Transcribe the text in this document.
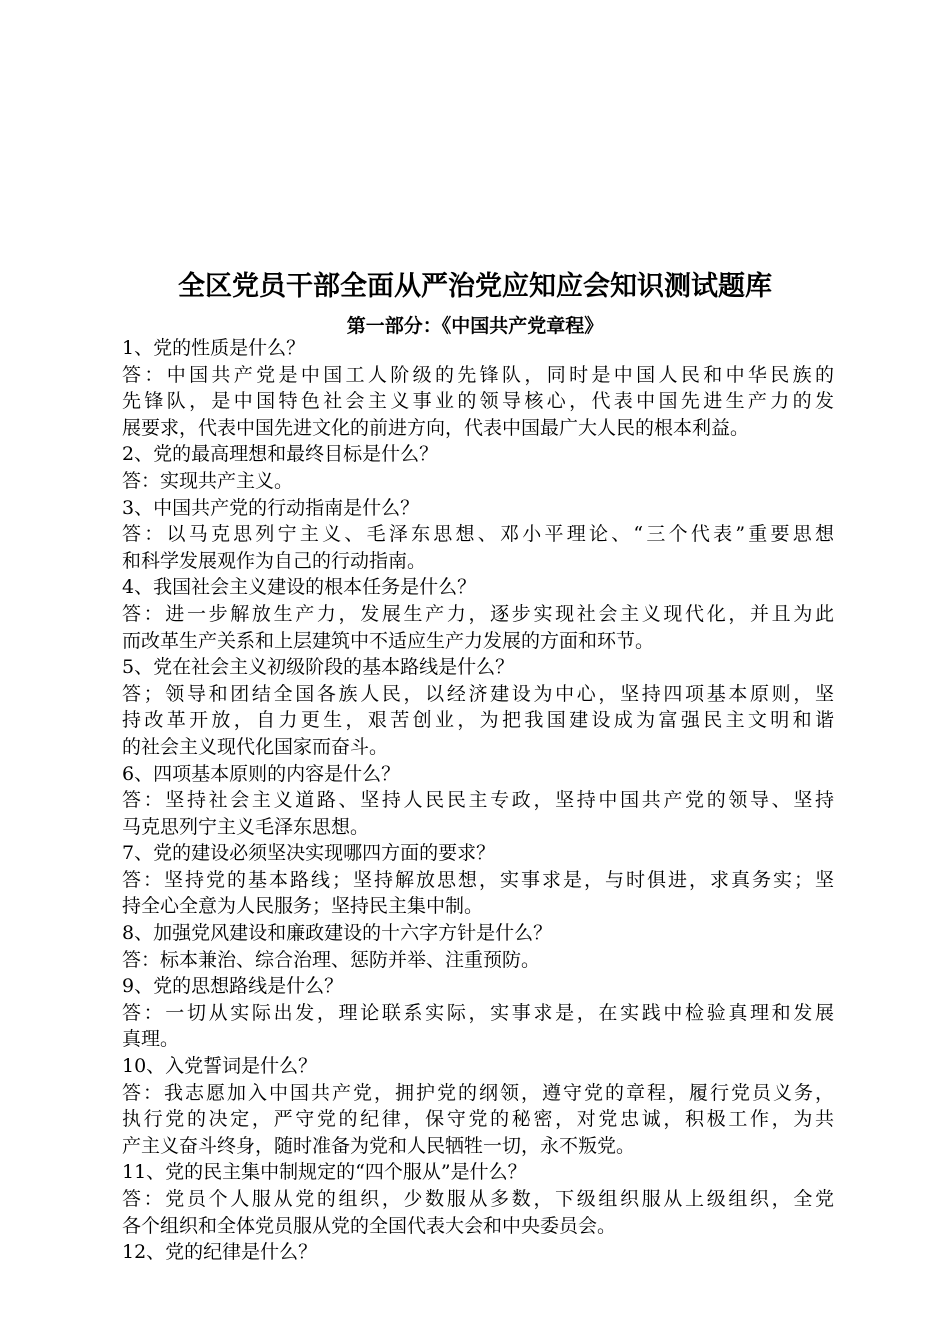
全区党员干部全面从严治党应知应会知识测试题库
第一部分：《中国共产党章程》

1、党的性质是什么？

答：中国共产党是中国工人阶级的先锋队，同时是中国人民和中华民族的

先锋队，是中国特色社会主义事业的领导核心，代表中国先进生产力的发

展要求，代表中国先进文化的前进方向，代表中国最广大人民的根本利益。

2、党的最高理想和最终目标是什么？

答：实现共产主义。

3、中国共产党的行动指南是什么？

答：以马克思列宁主义、毛泽东思想、邓小平理论、“三个代表”重要思想

和科学发展观作为自己的行动指南。

4、我国社会主义建设的根本任务是什么？

答：进一步解放生产力，发展生产力，逐步实现社会主义现代化，并且为此

而改革生产关系和上层建筑中不适应生产力发展的方面和环节。

5、党在社会主义初级阶段的基本路线是什么？

答；领导和团结全国各族人民，以经济建设为中心，坚持四项基本原则，坚

持改革开放，自力更生，艰苦创业，为把我国建设成为富强民主文明和谐

的社会主义现代化国家而奋斗。

6、四项基本原则的内容是什么？

答：坚持社会主义道路、坚持人民民主专政，坚持中国共产党的领导、坚持

马克思列宁主义毛泽东思想。

7、党的建设必须坚决实现哪四方面的要求？

答：坚持党的基本路线；坚持解放思想，实事求是，与时俱进，求真务实；坚

持全心全意为人民服务；坚持民主集中制。

8、加强党风建设和廉政建设的十六字方针是什么？

答：标本兼治、综合治理、惩防并举、注重预防。

9、党的思想路线是什么？

答：一切从实际出发，理论联系实际，实事求是，在实践中检验真理和发展

真理。

10、入党誓词是什么？

答：我志愿加入中国共产党，拥护党的纲领，遵守党的章程，履行党员义务，

执行党的决定，严守党的纪律，保守党的秘密，对党忠诚，积极工作，为共

产主义奋斗终身，随时准备为党和人民牺牲一切，永不叛党。

11、党的民主集中制规定的“四个服从”是什么？

答：党员个人服从党的组织，少数服从多数，下级组织服从上级组织，全党

各个组织和全体党员服从党的全国代表大会和中央委员会。

12、党的纪律是什么？
